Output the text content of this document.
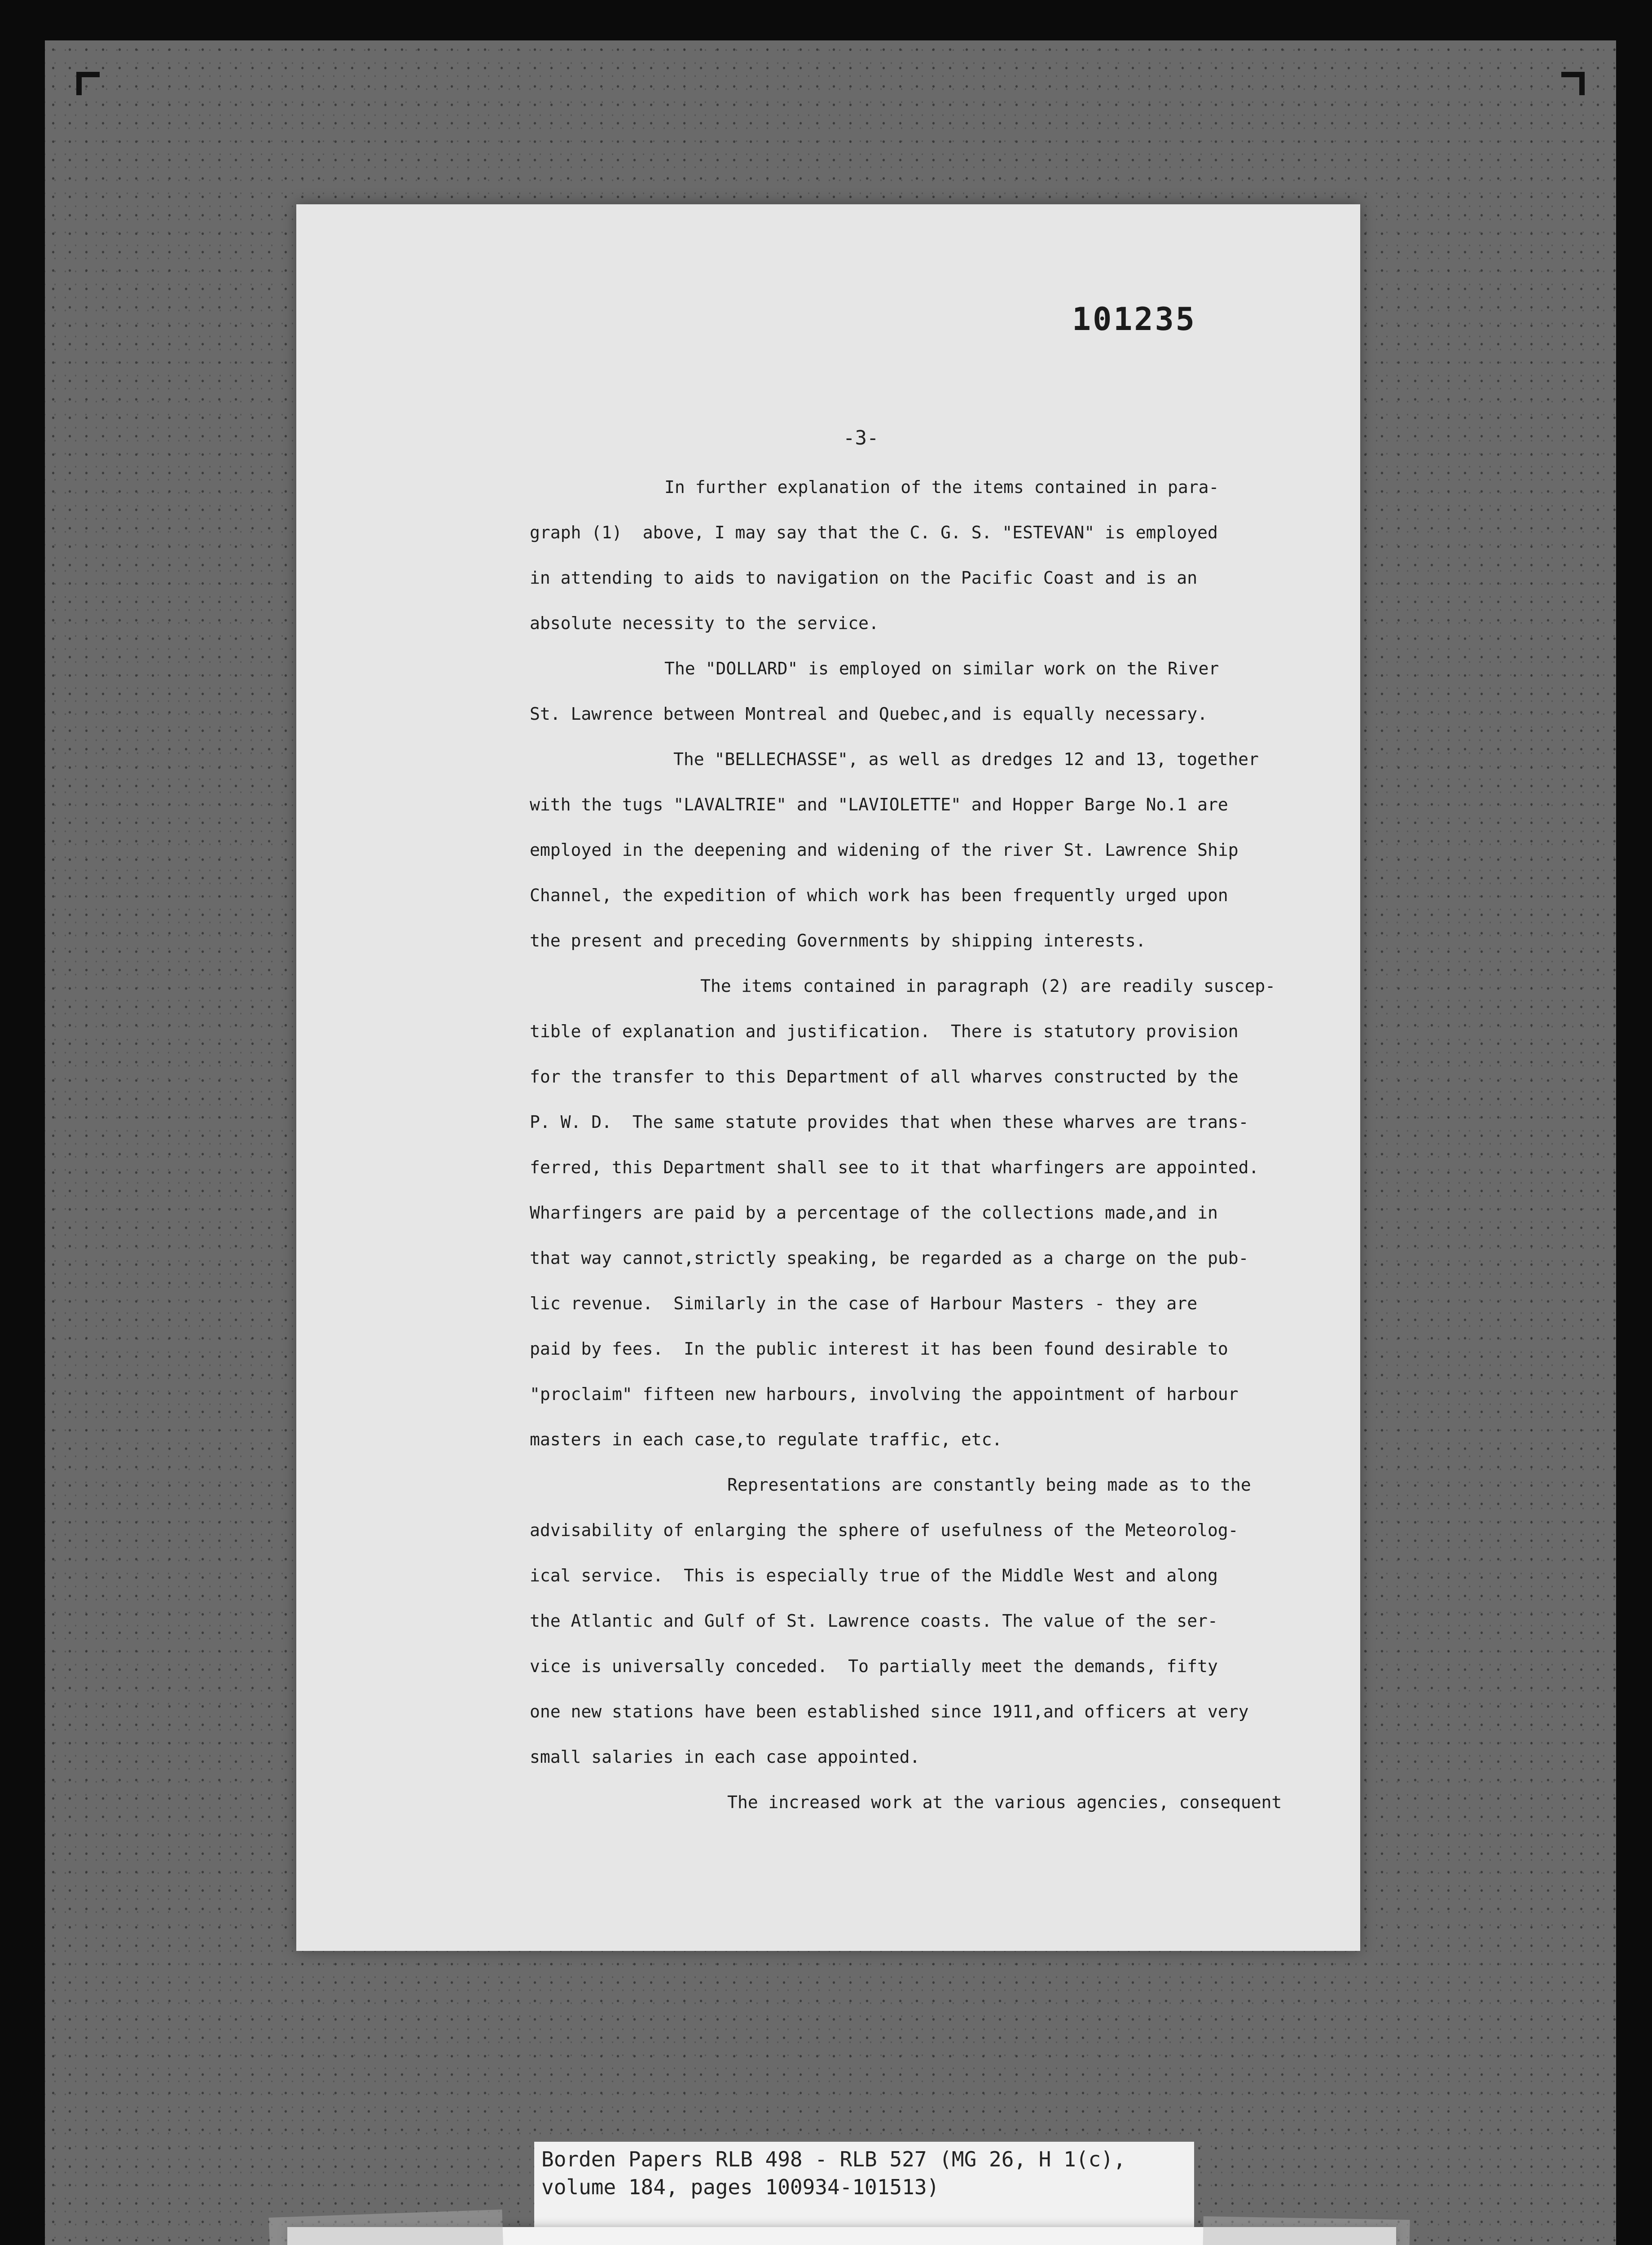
101235
-3-

In further explanation of the items contained in para-
graph (1)  above, I may say that the C. G. S. "ESTEVAN" is employed
in attending to aids to navigation on the Pacific Coast and is an
absolute necessity to the service.

The "DOLLARD" is employed on similar work on the River
St. Lawrence between Montreal and Quebec,and is equally necessary.

The "BELLECHASSE", as well as dredges 12 and 13, together
with the tugs "LAVALTRIE" and "LAVIOLETTE" and Hopper Barge No.1 are
employed in the deepening and widening of the river St. Lawrence Ship
Channel, the expedition of which work has been frequently urged upon
the present and preceding Governments by shipping interests.

The items contained in paragraph (2) are readily suscep-
tible of explanation and justification.  There is statutory provision
for the transfer to this Department of all wharves constructed by the
P. W. D.  The same statute provides that when these wharves are trans-
ferred, this Department shall see to it that wharfingers are appointed.
Wharfingers are paid by a percentage of the collections made,and in
that way cannot,strictly speaking, be regarded as a charge on the pub-
lic revenue.  Similarly in the case of Harbour Masters - they are
paid by fees.  In the public interest it has been found desirable to
"proclaim" fifteen new harbours, involving the appointment of harbour
masters in each case,to regulate traffic, etc.

Representations are constantly being made as to the
advisability of enlarging the sphere of usefulness of the Meteorolog-
ical service.  This is especially true of the Middle West and along
the Atlantic and Gulf of St. Lawrence coasts. The value of the ser-
vice is universally conceded.  To partially meet the demands, fifty
one new stations have been established since 1911,and officers at very
small salaries in each case appointed.

The increased work at the various agencies, consequent

Borden Papers RLB 498 - RLB 527 (MG 26, H 1(c),
volume 184, pages 100934-101513)
